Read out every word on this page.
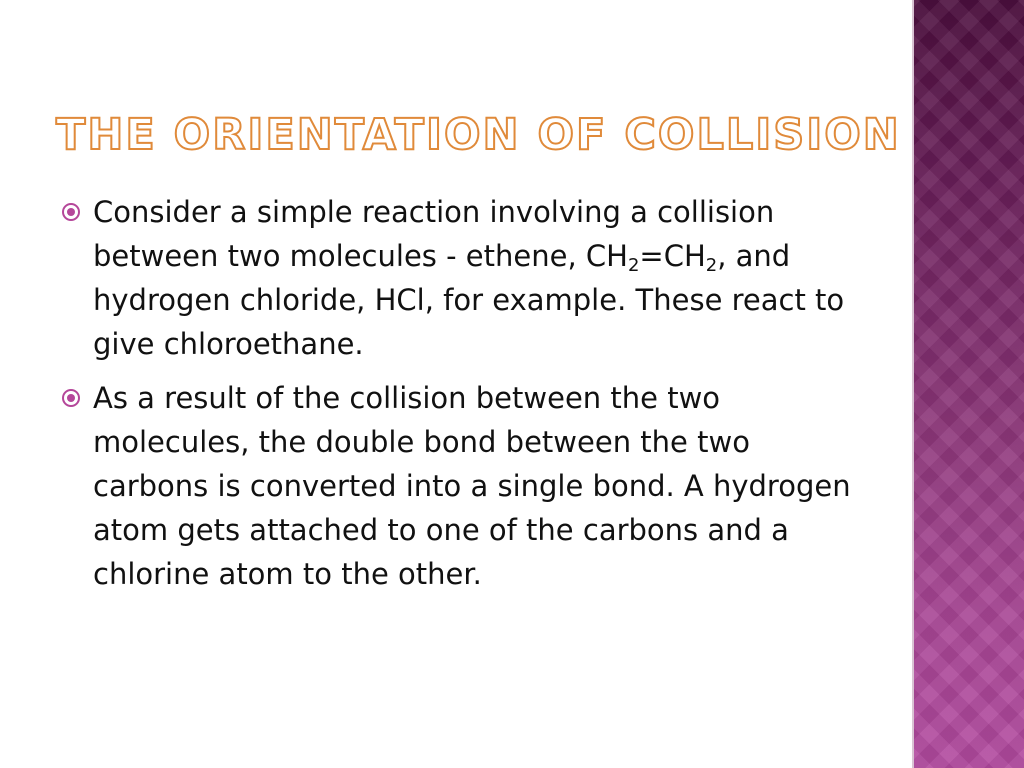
THE ORIENTATION OF COLLISION
Consider a simple reaction involving a collision between two molecules - ethene, $CH_2=CH_2$, and hydrogen chloride, HCl, for example. These react to give chloroethane.
As a result of the collision between the two molecules, the double bond between the two carbons is converted into a single bond. A hydrogen atom gets attached to one of the carbons and a chlorine atom to the other.
